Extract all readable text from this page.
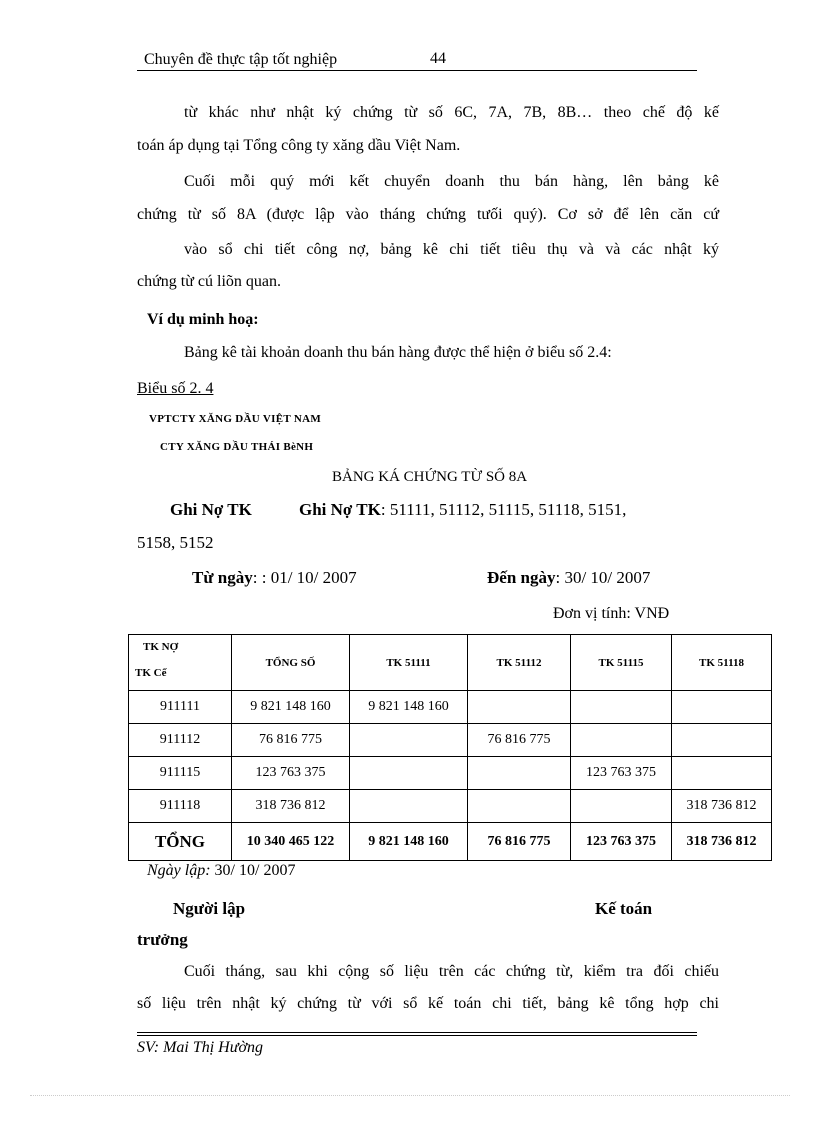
Chuyên đề thực tập tốt nghiệp	44
từ khác như nhật ký chứng từ số 6C, 7A, 7B, 8B… theo chế độ kế
toán áp dụng tại Tổng công ty xăng dầu Việt Nam.
Cuối mỗi quý mới kết chuyển doanh thu bán hàng, lên bảng kê
chứng từ số 8A (được lập vào tháng chứng tưối quý). Cơ sở để lên căn cứ
vào sổ chi tiết công nợ, bảng kê chi tiết tiêu thụ và và các nhật ký
chứng từ cú liõn quan.
Ví dụ minh hoạ:
Bảng kê tài khoản doanh thu bán hàng được thể hiện ở biểu số 2.4:
Biểu số 2. 4
VPTCTY XĂNG DẦU VIỆT NAM
CTY XĂNG DẦU THÁI BèNH
BẢNG KÁ CHỨNG TỪ SỐ 8A
Ghi Nợ TK	Ghi Nợ TK: 51111, 51112, 51115, 51118, 5151,
5158, 5152
Từ ngày: : 01/ 10/ 2007	Đến ngày: 30/ 10/ 2007
Đơn vị tính: VNĐ
TK NỢ
TK Cể	TỔNG SỐ	TK 51111	TK 51112	TK 51115	TK 51118
911111	9 821 148 160	9 821 148 160			
911112	76 816 775		76 816 775		
911115	123 763 375			123 763 375	
911118	318 736 812				318 736 812
TỔNG	10 340 465 122	9 821 148 160	76 816 775	123 763 375	318 736 812
Ngày lập: 30/ 10/ 2007
Người lập	Kế toán
trưởng
Cuối tháng, sau khi cộng số liệu trên các chứng từ, kiểm tra đối chiếu
số liệu trên nhật ký chứng từ với sổ kế toán chi tiết, bảng kê tổng hợp chi
SV: Mai Thị Hường
